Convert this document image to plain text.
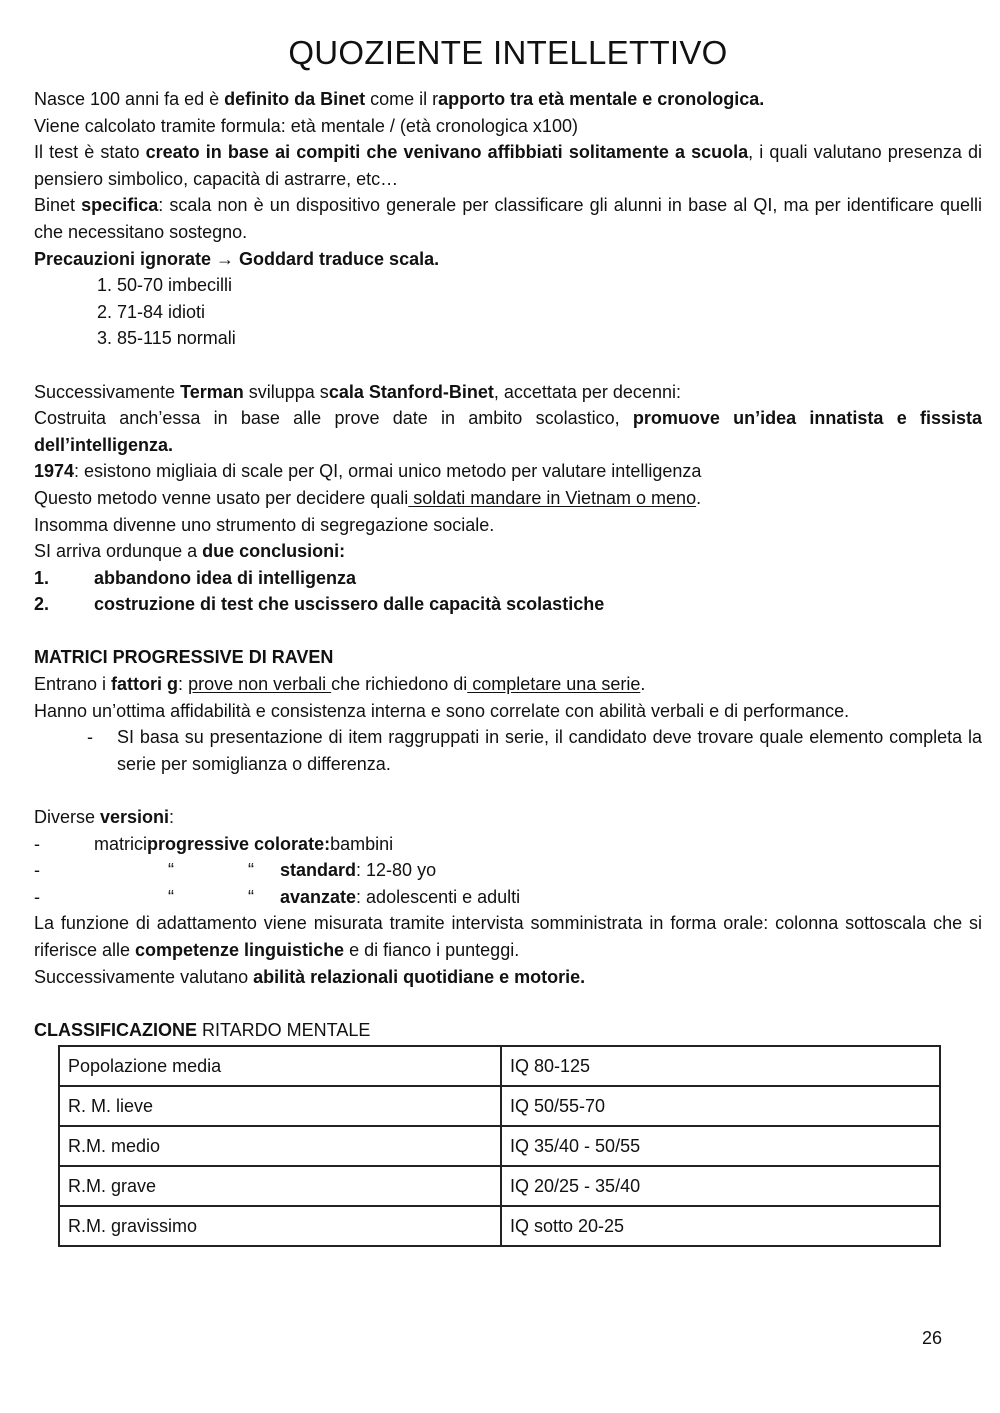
QUOZIENTE INTELLETTIVO

Nasce 100 anni fa ed è definito da Binet come il rapporto tra età mentale e cronologica.

Viene calcolato tramite formula: età mentale / (età cronologica x100)

Il test è stato creato in base ai compiti che venivano affibbiati solitamente a scuola, i quali valutano presenza di pensiero simbolico, capacità di astrarre, etc…

Binet specifica: scala non è un dispositivo generale per classificare gli alunni in base al QI, ma per identificare quelli che necessitano sostegno.

Precauzioni ignorate → Goddard traduce scala.

1. 50-70 imbecilli
2. 71-84 idioti
3. 85-115 normali

Successivamente Terman sviluppa scala Stanford-Binet, accettata per decenni:

Costruita anch’essa in base alle prove date in ambito scolastico, promuove un’idea innatista e fissista dell’intelligenza.

1974: esistono migliaia di scale per QI, ormai unico metodo per valutare intelligenza

Questo metodo venne usato per decidere quali soldati mandare in Vietnam o meno.

Insomma divenne uno strumento di segregazione sociale.

SI arriva ordunque a due conclusioni:

1.	abbandono idea di intelligenza
2.	costruzione di test che uscissero dalle capacità scolastiche

MATRICI PROGRESSIVE DI RAVEN

Entrano i fattori g: prove non verbali che richiedono di completare una serie.

Hanno un’ottima affidabilità e consistenza interna e sono correlate con abilità verbali e di performance.

-	SI basa su presentazione di item raggruppati in serie, il candidato deve trovare quale elemento completa la serie per somiglianza o differenza.

Diverse versioni:

-	matrici progressive colorate: bambini
-	“	“	standard: 12-80 yo
-	“	“	avanzate: adolescenti e adulti

La funzione di adattamento viene misurata tramite intervista somministrata in forma orale: colonna sottoscala che si riferisce alle competenze linguistiche e di fianco i punteggi.

Successivamente valutano abilità relazionali quotidiane e motorie.

CLASSIFICAZIONE RITARDO MENTALE

Popolazione media	IQ 80-125
R. M. lieve	IQ 50/55-70
R.M. medio	IQ 35/40 - 50/55
R.M. grave	IQ 20/25 - 35/40
R.M. gravissimo	IQ sotto 20-25
26
